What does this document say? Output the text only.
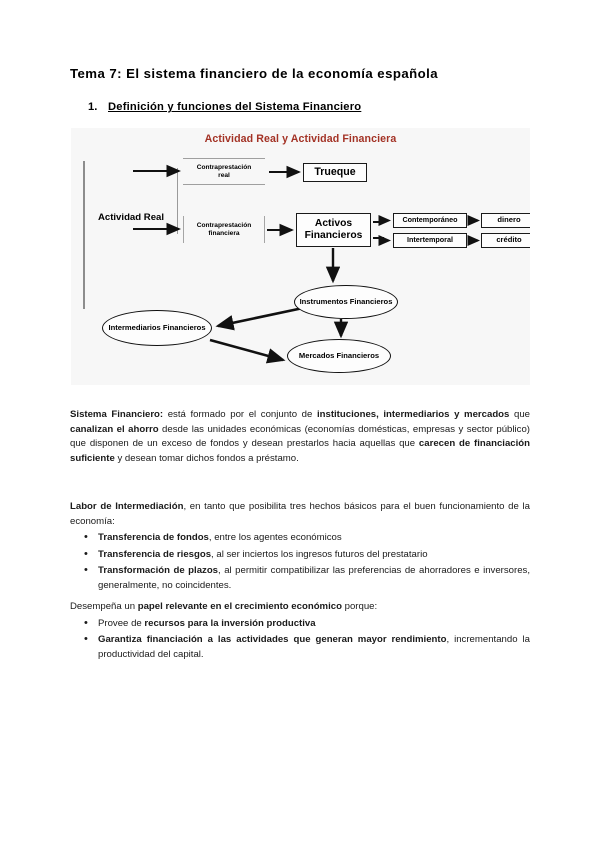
Tema 7: El sistema financiero de la economía española
1. Definición y funciones del Sistema Financiero
Actividad Real y Actividad Financiera
Actividad Real
Contraprestación
real	Trueque
Contraprestación
financiera
Activos
Financieros
Contemporáneo
Intertemporal
dinero
crédito
Instrumentos Financieros
Intermediarios Financieros
Mercados Financieros

Sistema Financiero: está formado por el conjunto de instituciones, intermediarios y mercados que canalizan el ahorro desde las unidades económicas (economías domésticas, empresas y sector público) que disponen de un exceso de fondos y desean prestarlos hacia aquellas que carecen de financiación suficiente y desean tomar dichos fondos a préstamo.

Labor de Intermediación, en tanto que posibilita tres hechos básicos para el buen funcionamiento de la economía:

• Transferencia de fondos, entre los agentes económicos
• Transferencia de riesgos, al ser inciertos los ingresos futuros del prestatario
• Transformación de plazos, al permitir compatibilizar las preferencias de ahorradores e inversores, generalmente, no coincidentes.

Desempeña un papel relevante en el crecimiento económico porque:

• Provee de recursos para la inversión productiva
• Garantiza financiación a las actividades que generan mayor rendimiento, incrementando la productividad del capital.
